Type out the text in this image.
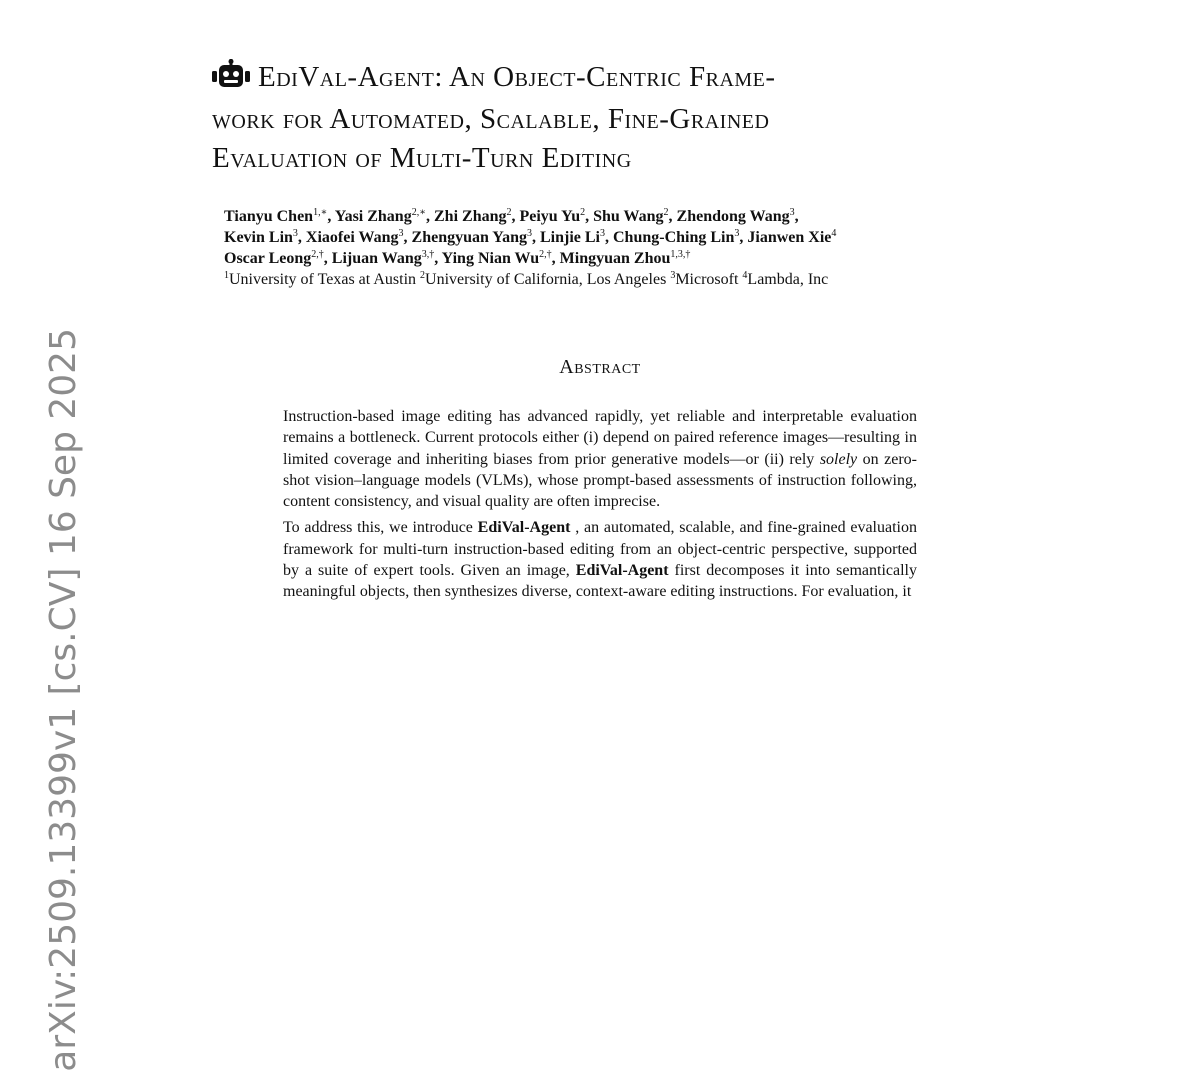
arXiv:2509.13399v1 [cs.CV] 16 Sep 2025
EdiVal-Agent: An Object-Centric Frame-
work for Automated, Scalable, Fine-Grained
Evaluation of Multi-Turn Editing
Tianyu Chen$^{1,∗}$, Yasi Zhang$^{2,∗}$, Zhi Zhang$^2$, Peiyu Yu$^2$, Shu Wang$^2$, Zhendong Wang$^3$,
Kevin Lin$^3$, Xiaofei Wang$^3$, Zhengyuan Yang$^3$, Linjie Li$^3$, Chung-Ching Lin$^3$, Jianwen Xie$^4$
Oscar Leong$^{2,\dagger}$, Lijuan Wang$^{3,\dagger}$, Ying Nian $Wu^{2,\dagger}$, Mingyuan Zhou$^{1,3,\dagger}$
$^1$University of Texas at Austin $^2$University of California, Los Angeles $^3$Microsoft $^4$Lambda, Inc
Abstract

Instruction-based image editing has advanced rapidly, yet reliable and interpretable evaluation remains a bottleneck. Current protocols either (i) depend on paired reference images—resulting in limited coverage and inheriting biases from prior generative models—or (ii) rely solely on zero-shot vision–language models (VLMs), whose prompt-based assessments of instruction following, content consistency, and visual quality are often imprecise.

To address this, we introduce EdiVal-Agent , an automated, scalable, and fine-grained evaluation framework for multi-turn instruction-based editing from an object-centric perspective, supported by a suite of expert tools. Given an image, EdiVal-Agent first decomposes it into semantically meaningful objects, then synthesizes diverse, context-aware editing instructions. For evaluation, it
